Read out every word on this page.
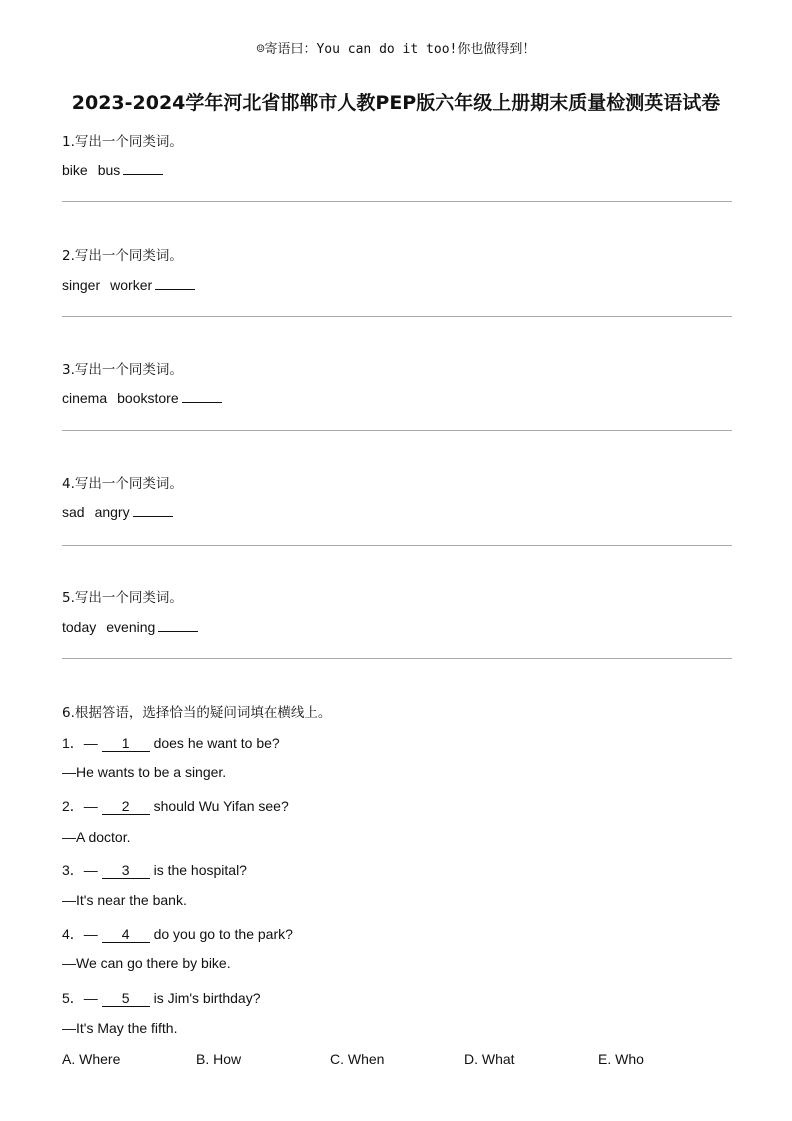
☺寄语曰：You can do it too!你也做得到！
2023-2024学年河北省邯郸市人教PEP版六年级上册期末质量检测英语试卷
1.写出一个同类词。
bike bus
2.写出一个同类词。
singer worker
3.写出一个同类词。
cinema bookstore
4.写出一个同类词。
sad angry
5.写出一个同类词。
today evening
6.根据答语，选择恰当的疑问词填在横线上。
1．— 1 does he want to be?
—He wants to be a singer.
2．— 2 should Wu Yifan see?
—A doctor.
3．— 3 is the hospital?
—It's near the bank.
4．— 4 do you go to the park?
—We can go there by bike.
5．— 5 is Jim's birthday?
—It's May the fifth.
A. Where	B. How	C. When	D. What	E. Who
